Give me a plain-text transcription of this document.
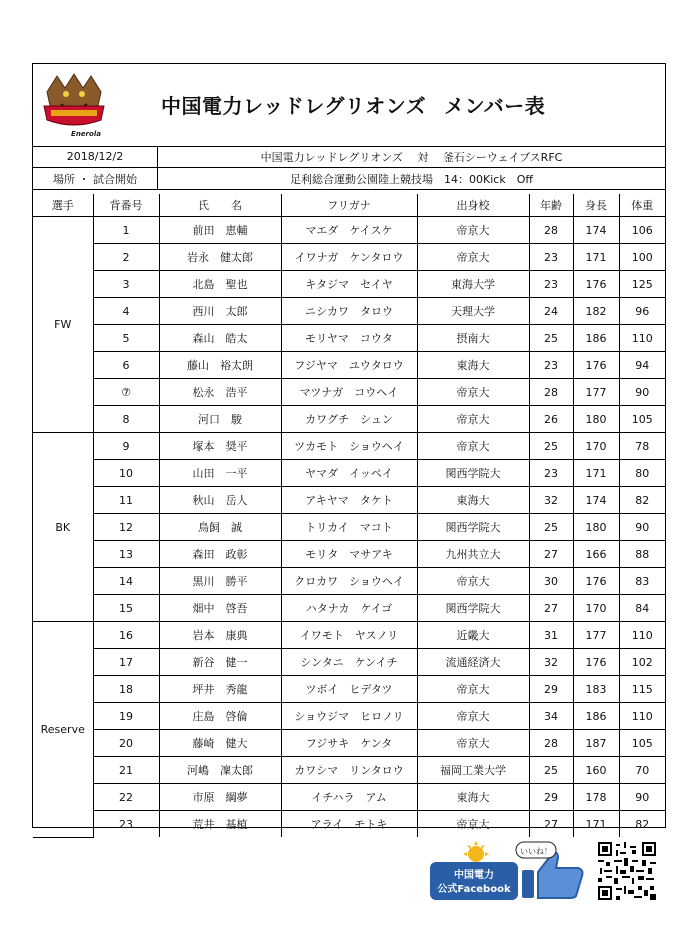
Enerola
中国電力レッドレグリオンズ メンバー表
2018/12/2	中国電力レッドレグリオンズ 対 釜石シーウェイブスRFC
場所 ・ 試合開始	足利総合運動公園陸上競技場　14：00Kick　Off
選手	背番号	氏　　名	フリガナ	出身校	年齢	身長	体重
FW	1	前田　恵輔	マエダ　ケイスケ	帝京大	28	174	106
	2	岩永　健太郎	イワナガ　ケンタロウ	帝京大	23	171	100
	3	北島　聖也	キタジマ　セイヤ	東海大学	23	176	125
	4	西川　太郎	ニシカワ　タロウ	天理大学	24	182	96
	5	森山　皓太	モリヤマ　コウタ	摂南大	25	186	110
	6	藤山　裕太朗	フジヤマ　ユウタロウ	東海大	23	176	94
	⑦	松永　浩平	マツナガ　コウヘイ	帝京大	28	177	90
	8	河口　駿	カワグチ　シュン	帝京大	26	180	105
BK	9	塚本　奨平	ツカモト　ショウヘイ	帝京大	25	170	78
	10	山田　一平	ヤマダ　イッペイ	関西学院大	23	171	80
	11	秋山　岳人	アキヤマ　タケト	東海大	32	174	82
	12	鳥飼　誠	トリカイ　マコト	関西学院大	25	180	90
	13	森田　政彰	モリタ　マサアキ	九州共立大	27	166	88
	14	黒川　勝平	クロカワ　ショウヘイ	帝京大	30	176	83
	15	畑中　啓吾	ハタナカ　ケイゴ	関西学院大	27	170	84
Reserve	16	岩本　康典	イワモト　ヤスノリ	近畿大	31	177	110
	17	新谷　健一	シンタニ　ケンイチ	流通経済大	32	176	102
	18	坪井　秀龍	ツボイ　ヒデタツ	帝京大	29	183	115
	19	庄島　啓倫	ショウジマ　ヒロノリ	帝京大	34	186	110
	20	藤崎　健大	フジサキ　ケンタ	帝京大	28	187	105
	21	河嶋　凜太郎	カワシマ　リンタロウ	福岡工業大学	25	160	70
	22	市原　綱夢	イチハラ　アム	東海大	29	178	90
	23	荒井　基植	アライ　モトキ	帝京大	27	171	82
中国電力
公式Facebook
いいね！
